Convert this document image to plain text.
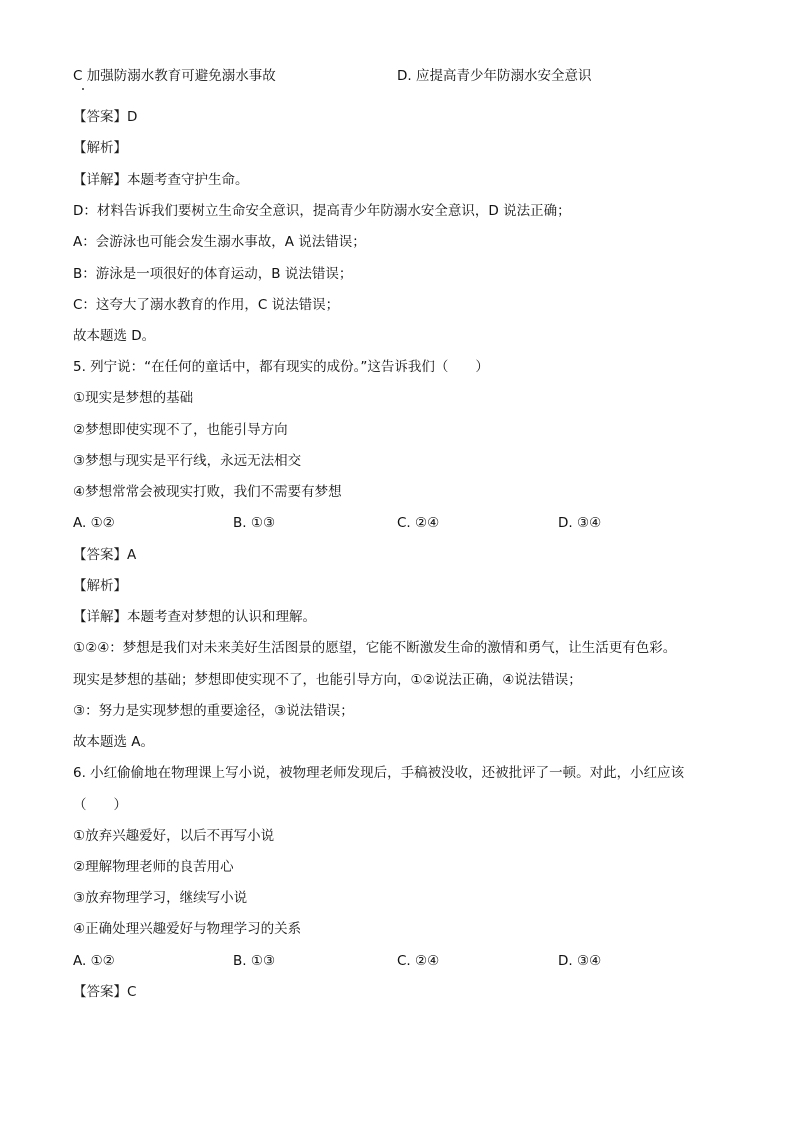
C 加强防溺水教育可避免溺水事故	D. 应提高青少年防溺水安全意识
【答案】D
【解析】
【详解】本题考查守护生命。
D：材料告诉我们要树立生命安全意识，提高青少年防溺水安全意识，D 说法正确；
A：会游泳也可能会发生溺水事故，A 说法错误；
B：游泳是一项很好的体育运动，B 说法错误；
C：这夸大了溺水教育的作用，C 说法错误；
故本题选 D。
5. 列宁说：“在任何的童话中，都有现实的成份。”这告诉我们（　　）
①现实是梦想的基础
②梦想即使实现不了，也能引导方向
③梦想与现实是平行线，永远无法相交
④梦想常常会被现实打败，我们不需要有梦想
A. ①②	B. ①③	C. ②④	D. ③④
【答案】A
【解析】
【详解】本题考查对梦想的认识和理解。
①②④：梦想是我们对未来美好生活图景的愿望，它能不断激发生命的激情和勇气，让生活更有色彩。
现实是梦想的基础；梦想即使实现不了，也能引导方向，①②说法正确，④说法错误；
③：努力是实现梦想的重要途径，③说法错误；
故本题选 A。
6. 小红偷偷地在物理课上写小说，被物理老师发现后，手稿被没收，还被批评了一顿。对此，小红应该
（　　）
①放弃兴趣爱好，以后不再写小说
②理解物理老师的良苦用心
③放弃物理学习，继续写小说
④正确处理兴趣爱好与物理学习的关系
A. ①②	B. ①③	C. ②④	D. ③④
【答案】C
